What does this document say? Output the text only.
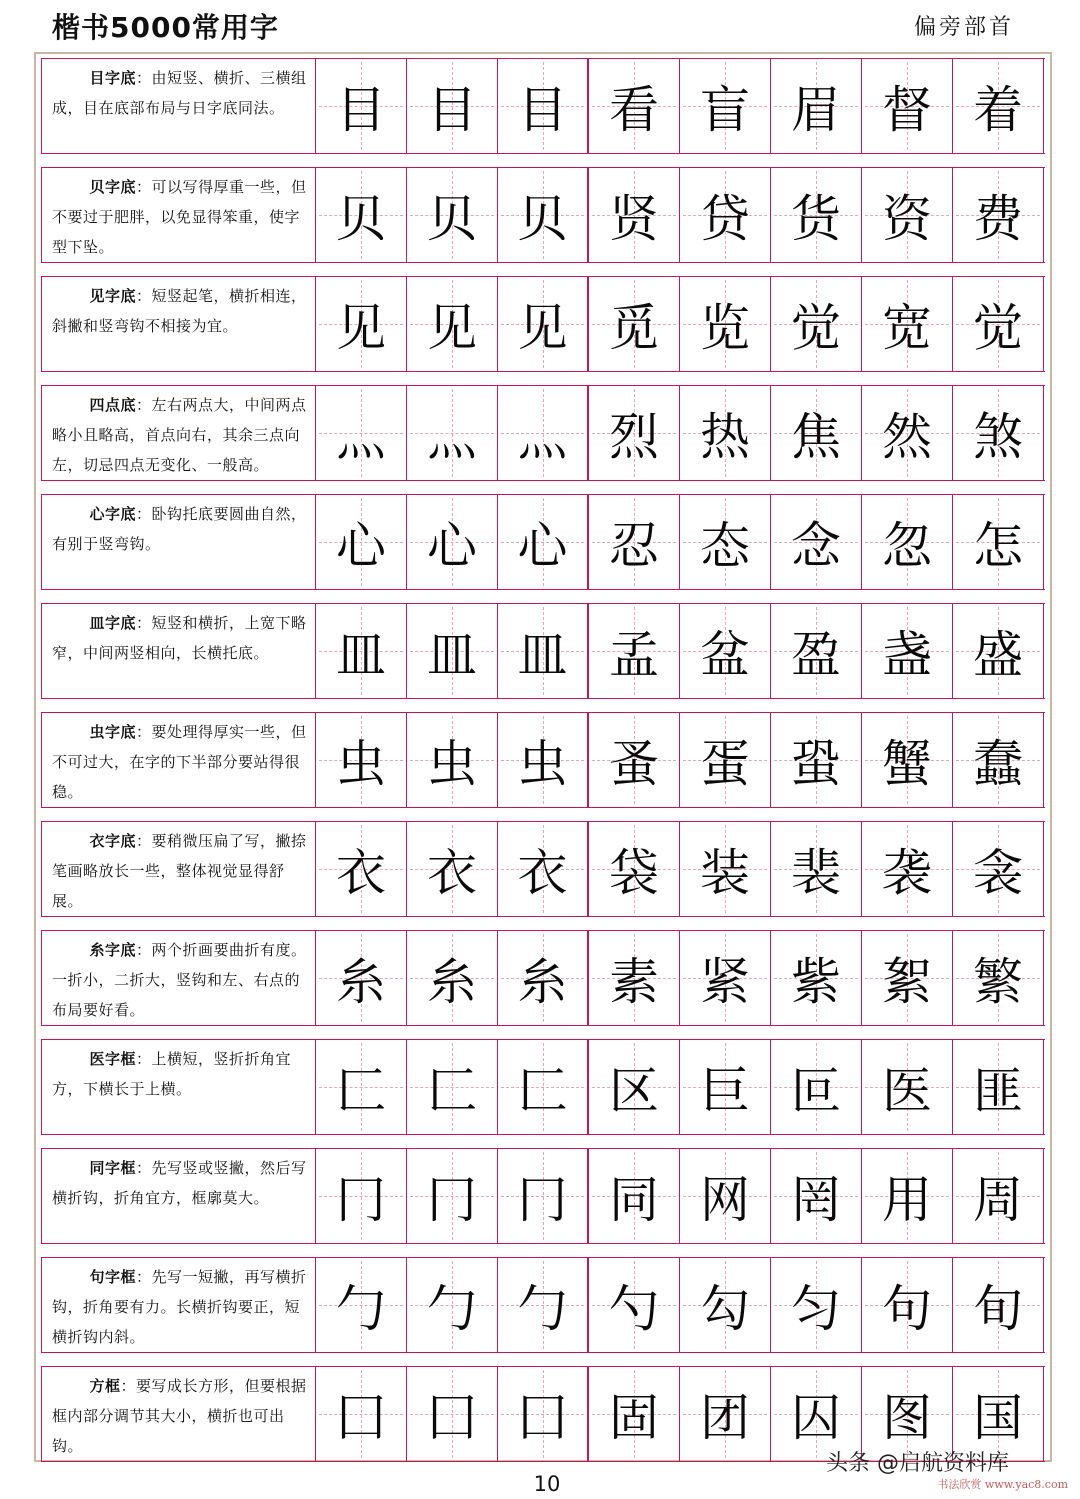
楷书5000常用字	偏旁部首
目字底：由短竖、横折、三横组成，目在底部布局与日字底同法。	目 目 目 看 盲 眉 督 着
贝字底：可以写得厚重一些，但不要过于肥胖，以免显得笨重，使字型下坠。	贝 贝 贝 贤 贷 货 资 费
见字底：短竖起笔，横折相连，斜撇和竖弯钩不相接为宜。	见 见 见 觅 览 觉 宽 觉
四点底：左右两点大，中间两点略小且略高，首点向右，其余三点向左，切忌四点无变化、一般高。	灬 灬 灬 烈 热 焦 然 煞
心字底：卧钩托底要圆曲自然，有别于竖弯钩。	心 心 心 忍 态 念 忽 怎
皿字底：短竖和横折，上宽下略窄，中间两竖相向，长横托底。	皿 皿 皿 孟 盆 盈 盏 盛
虫字底：要处理得厚实一些，但不可过大，在字的下半部分要站得很稳。	虫 虫 虫 蚤 蛋 蛩 蟹 蠢
衣字底：要稍微压扁了写，撇捺笔画略放长一些，整体视觉显得舒展。	衣 衣 衣 袋 装 裴 袭 衾
糸字底：两个折画要曲折有度。一折小，二折大，竖钩和左、右点的布局要好看。	糸 糸 糸 素 紧 紫 絮 繁
医字框：上横短，竖折折角宜方，下横长于上横。	匚 匚 匚 区 巨 叵 医 匪
同字框：先写竖或竖撇，然后写横折钩，折角宜方，框廓莫大。	冂 冂 冂 同 网 罔 用 周
句字框：先写一短撇，再写横折钩，折角要有力。长横折钩要正，短横折钩内斜。	勹 勹 勹 勺 勾 匀 句 旬
方框：要写成长方形，但要根据框内部分调节其大小，横折也可出钩。	囗 囗 囗 固 团 囚 图 国
头条 @启航资料库
10	书法欣赏 www.yac8.com
